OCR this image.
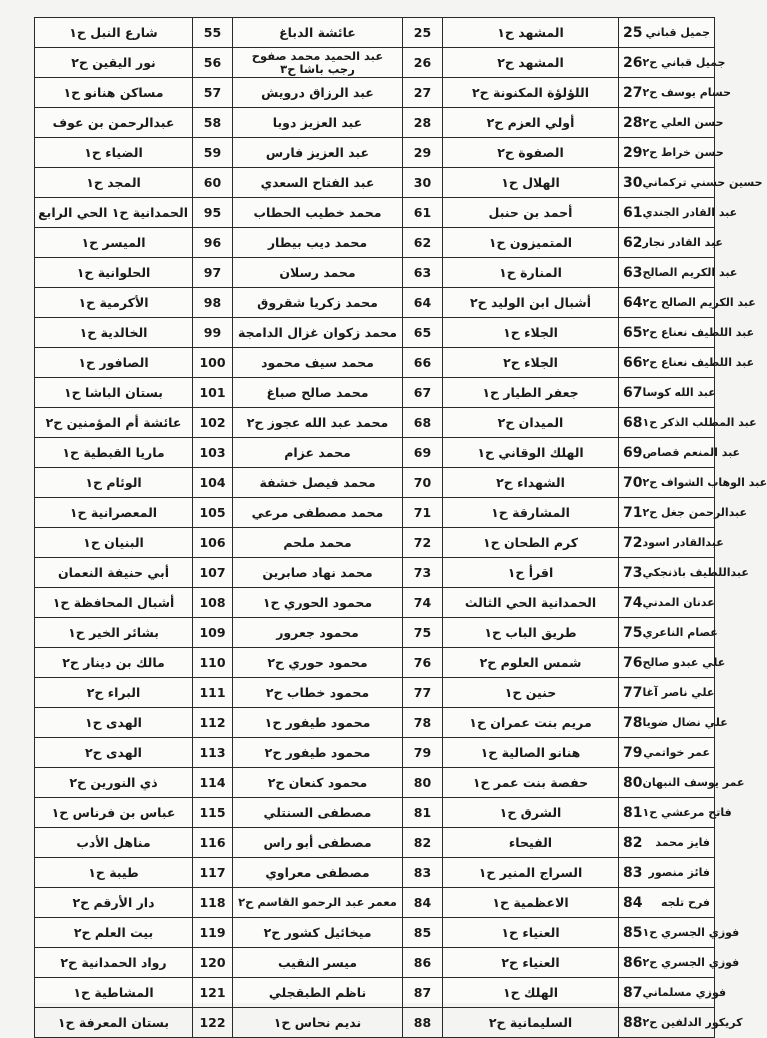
شارع النبل ح١	55	عائشة الدباغ	25	المشهد ح١	25 جميل قباني

نور اليقين ح٢	56	عبد الحميد محمد صفوح رجب باشا ح٣	26	المشهد ح٢	26 جميل قباني ح٢

مساكن هنانو ح١	57	عبد الرزاق درويش	27	اللؤلؤة المكنونة ح٢	27 حسام يوسف ح٢

عبدالرحمن بن عوف	58	عبد العزيز دوبا	28	أولي العزم ح٢	28 حسن العلي ح٢

الضياء ح١	59	عبد العزيز فارس	29	الصفوة ح٢	29 حسن خراط ح٢

المجد ح١	60	عبد الفتاح السعدي	30	الهلال ح١	30 حسين حسني تركماني

الحمدانية ح١ الحي الرابع	95	محمد خطيب الحطاب	61	أحمد بن حنبل	61 عبد القادر الجندي

الميسر ح١	96	محمد ديب بيطار	62	المتميزون ح١	62 عبد القادر نجار

الحلوانية ح١	97	محمد رسلان	63	المنارة ح١	63 عبد الكريم الصالح

الأكرمية ح١	98	محمد زكريا شقروق	64	أشبال ابن الوليد ح٢	64 عبد الكريم الصالح ح٢

الخالدية ح١	99	محمد زكوان غزال الدامجة	65	الجلاء ح١	65 عبد اللطيف نعناع ح٢

الصافور ح١	100	محمد سيف محمود	66	الجلاء ح٢	66 عبد اللطيف نعناع ح٢

بستان الباشا ح١	101	محمد صالح صباغ	67	جعفر الطيار ح١	67 عبد الله كوسا

عائشة أم المؤمنين ح٢	102	محمد عبد الله عجوز ح٢	68	الميدان ح٢	68 عبد المطلب الذكر ح١

ماريا القبطية ح١	103	محمد عزام	69	الهلك الوقاني ح١	69 عبد المنعم قصاص

الوئام ح١	104	محمد فيصل خشفة	70	الشهداء ح٢	70 عبد الوهاب الشواف ح٢

المعصرانية ح١	105	محمد مصطفى مرعي	71	المشارقة ح١	71 عبدالرحمن جغل ح٢

البنيان ح١	106	محمد ملحم	72	كرم الطحان ح١	72 عبدالقادر اسود

أبي حنيفة النعمان	107	محمد نهاد صابرين	73	اقرأ ح١	73 عبداللطيف باذنجكي

أشبال المحافظة ح١	108	محمود الحوري ح١	74	الحمدانية الحي الثالث	74 عدنان المدني

بشائر الخير ح١	109	محمود جعرور	75	طريق الباب ح١	75 عصام الناعري

مالك بن دينار ح٢	110	محمود حوري ح٢	76	شمس العلوم ح٢	76 علي عبدو صالح

البراء ح٢	111	محمود خطاب ح٢	77	حنين ح١	77 علي ناصر آغا

الهدى ح١	112	محمود طيفور ح١	78	مريم بنت عمران ح١	78 علي نضال ضويا

الهدى ح٢	113	محمود طيفور ح٢	79	هنانو الصالية ح١	79 عمر خواتمي

ذي النورين ح٢	114	محمود كنعان ح٢	80	حفصة بنت عمر ح١	80 عمر يوسف النبهان

عباس بن فرناس ح١	115	مصطفى السنتلي	81	الشرق ح١	81 فاتح مرعشي ح١

مناهل الأدب	116	مصطفى أبو راس	82	الفيحاء	82 فايز محمد

طيبة ح١	117	مصطفى معراوي	83	السراج المنير ح١	83 فائز منصور

دار الأرقم ح٢	118	معمر عبد الرحمو القاسم ح٢	84	الاعظمية ح١	84 فرح تلجه

بيت العلم ح٢	119	ميخائيل كشور ح٢	85	العنياء ح١	85 فوزي الجسري ح١

رواد الحمدانية ح٢	120	ميسر النقيب	86	العنياء ح٢	86 فوزي الجسري ح٢

المشاطية ح١	121	ناظم الطبقجلي	87	الهلك ح١	87 فوزي مسلماني

بستان المعرفة ح١	122	نديم نحاس ح١	88	السليمانية ح٢	88 كريكور الدلفين ح٢
